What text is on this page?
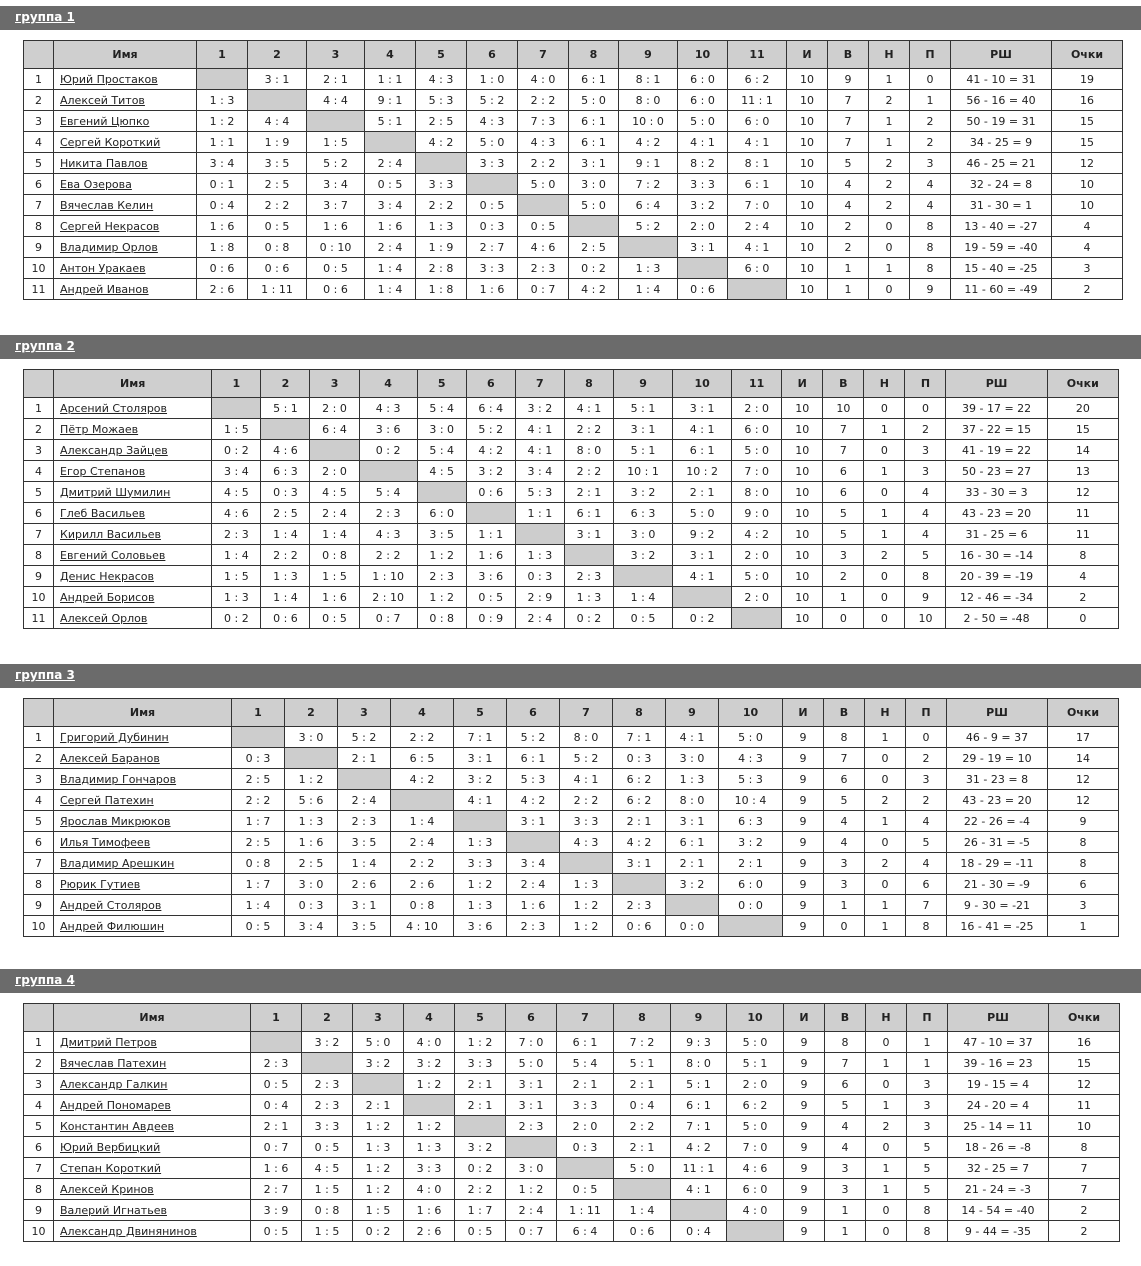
группа 1
	Имя	1	2	3	4	5	6	7	8	9	10	11	И	В	Н	П	РШ	Очки
1	Юрий Простаков		3 : 1	2 : 1	1 : 1	4 : 3	1 : 0	4 : 0	6 : 1	8 : 1	6 : 0	6 : 2	10	9	1	0	41 - 10 = 31	19
2	Алексей Титов	1 : 3		4 : 4	9 : 1	5 : 3	5 : 2	2 : 2	5 : 0	8 : 0	6 : 0	11 : 1	10	7	2	1	56 - 16 = 40	16
3	Евгений Цюпко	1 : 2	4 : 4		5 : 1	2 : 5	4 : 3	7 : 3	6 : 1	10 : 0	5 : 0	6 : 0	10	7	1	2	50 - 19 = 31	15
4	Сергей Короткий	1 : 1	1 : 9	1 : 5		4 : 2	5 : 0	4 : 3	6 : 1	4 : 2	4 : 1	4 : 1	10	7	1	2	34 - 25 = 9	15
5	Никита Павлов	3 : 4	3 : 5	5 : 2	2 : 4		3 : 3	2 : 2	3 : 1	9 : 1	8 : 2	8 : 1	10	5	2	3	46 - 25 = 21	12
6	Ева Озерова	0 : 1	2 : 5	3 : 4	0 : 5	3 : 3		5 : 0	3 : 0	7 : 2	3 : 3	6 : 1	10	4	2	4	32 - 24 = 8	10
7	Вячеслав Келин	0 : 4	2 : 2	3 : 7	3 : 4	2 : 2	0 : 5		5 : 0	6 : 4	3 : 2	7 : 0	10	4	2	4	31 - 30 = 1	10
8	Сергей Некрасов	1 : 6	0 : 5	1 : 6	1 : 6	1 : 3	0 : 3	0 : 5		5 : 2	2 : 0	2 : 4	10	2	0	8	13 - 40 = -27	4
9	Владимир Орлов	1 : 8	0 : 8	0 : 10	2 : 4	1 : 9	2 : 7	4 : 6	2 : 5		3 : 1	4 : 1	10	2	0	8	19 - 59 = -40	4
10	Антон Уракаев	0 : 6	0 : 6	0 : 5	1 : 4	2 : 8	3 : 3	2 : 3	0 : 2	1 : 3		6 : 0	10	1	1	8	15 - 40 = -25	3
11	Андрей Иванов	2 : 6	1 : 11	0 : 6	1 : 4	1 : 8	1 : 6	0 : 7	4 : 2	1 : 4	0 : 6		10	1	0	9	11 - 60 = -49	2
группа 2
	Имя	1	2	3	4	5	6	7	8	9	10	11	И	В	Н	П	РШ	Очки
1	Арсений Столяров		5 : 1	2 : 0	4 : 3	5 : 4	6 : 4	3 : 2	4 : 1	5 : 1	3 : 1	2 : 0	10	10	0	0	39 - 17 = 22	20
2	Пётр Можаев	1 : 5		6 : 4	3 : 6	3 : 0	5 : 2	4 : 1	2 : 2	3 : 1	4 : 1	6 : 0	10	7	1	2	37 - 22 = 15	15
3	Александр Зайцев	0 : 2	4 : 6		0 : 2	5 : 4	4 : 2	4 : 1	8 : 0	5 : 1	6 : 1	5 : 0	10	7	0	3	41 - 19 = 22	14
4	Егор Степанов	3 : 4	6 : 3	2 : 0		4 : 5	3 : 2	3 : 4	2 : 2	10 : 1	10 : 2	7 : 0	10	6	1	3	50 - 23 = 27	13
5	Дмитрий Шумилин	4 : 5	0 : 3	4 : 5	5 : 4		0 : 6	5 : 3	2 : 1	3 : 2	2 : 1	8 : 0	10	6	0	4	33 - 30 = 3	12
6	Глеб Васильев	4 : 6	2 : 5	2 : 4	2 : 3	6 : 0		1 : 1	6 : 1	6 : 3	5 : 0	9 : 0	10	5	1	4	43 - 23 = 20	11
7	Кирилл Васильев	2 : 3	1 : 4	1 : 4	4 : 3	3 : 5	1 : 1		3 : 1	3 : 0	9 : 2	4 : 2	10	5	1	4	31 - 25 = 6	11
8	Евгений Соловьев	1 : 4	2 : 2	0 : 8	2 : 2	1 : 2	1 : 6	1 : 3		3 : 2	3 : 1	2 : 0	10	3	2	5	16 - 30 = -14	8
9	Денис Некрасов	1 : 5	1 : 3	1 : 5	1 : 10	2 : 3	3 : 6	0 : 3	2 : 3		4 : 1	5 : 0	10	2	0	8	20 - 39 = -19	4
10	Андрей Борисов	1 : 3	1 : 4	1 : 6	2 : 10	1 : 2	0 : 5	2 : 9	1 : 3	1 : 4		2 : 0	10	1	0	9	12 - 46 = -34	2
11	Алексей Орлов	0 : 2	0 : 6	0 : 5	0 : 7	0 : 8	0 : 9	2 : 4	0 : 2	0 : 5	0 : 2		10	0	0	10	2 - 50 = -48	0
группа 3
	Имя	1	2	3	4	5	6	7	8	9	10	И	В	Н	П	РШ	Очки
1	Григорий Дубинин		3 : 0	5 : 2	2 : 2	7 : 1	5 : 2	8 : 0	7 : 1	4 : 1	5 : 0	9	8	1	0	46 - 9 = 37	17
2	Алексей Баранов	0 : 3		2 : 1	6 : 5	3 : 1	6 : 1	5 : 2	0 : 3	3 : 0	4 : 3	9	7	0	2	29 - 19 = 10	14
3	Владимир Гончаров	2 : 5	1 : 2		4 : 2	3 : 2	5 : 3	4 : 1	6 : 2	1 : 3	5 : 3	9	6	0	3	31 - 23 = 8	12
4	Сергей Патехин	2 : 2	5 : 6	2 : 4		4 : 1	4 : 2	2 : 2	6 : 2	8 : 0	10 : 4	9	5	2	2	43 - 23 = 20	12
5	Ярослав Микрюков	1 : 7	1 : 3	2 : 3	1 : 4		3 : 1	3 : 3	2 : 1	3 : 1	6 : 3	9	4	1	4	22 - 26 = -4	9
6	Илья Тимофеев	2 : 5	1 : 6	3 : 5	2 : 4	1 : 3		4 : 3	4 : 2	6 : 1	3 : 2	9	4	0	5	26 - 31 = -5	8
7	Владимир Арешкин	0 : 8	2 : 5	1 : 4	2 : 2	3 : 3	3 : 4		3 : 1	2 : 1	2 : 1	9	3	2	4	18 - 29 = -11	8
8	Рюрик Гутиев	1 : 7	3 : 0	2 : 6	2 : 6	1 : 2	2 : 4	1 : 3		3 : 2	6 : 0	9	3	0	6	21 - 30 = -9	6
9	Андрей Столяров	1 : 4	0 : 3	3 : 1	0 : 8	1 : 3	1 : 6	1 : 2	2 : 3		0 : 0	9	1	1	7	9 - 30 = -21	3
10	Андрей Филюшин	0 : 5	3 : 4	3 : 5	4 : 10	3 : 6	2 : 3	1 : 2	0 : 6	0 : 0		9	0	1	8	16 - 41 = -25	1
группа 4
	Имя	1	2	3	4	5	6	7	8	9	10	И	В	Н	П	РШ	Очки
1	Дмитрий Петров		3 : 2	5 : 0	4 : 0	1 : 2	7 : 0	6 : 1	7 : 2	9 : 3	5 : 0	9	8	0	1	47 - 10 = 37	16
2	Вячеслав Патехин	2 : 3		3 : 2	3 : 2	3 : 3	5 : 0	5 : 4	5 : 1	8 : 0	5 : 1	9	7	1	1	39 - 16 = 23	15
3	Александр Галкин	0 : 5	2 : 3		1 : 2	2 : 1	3 : 1	2 : 1	2 : 1	5 : 1	2 : 0	9	6	0	3	19 - 15 = 4	12
4	Андрей Пономарев	0 : 4	2 : 3	2 : 1		2 : 1	3 : 1	3 : 3	0 : 4	6 : 1	6 : 2	9	5	1	3	24 - 20 = 4	11
5	Константин Авдеев	2 : 1	3 : 3	1 : 2	1 : 2		2 : 3	2 : 0	2 : 2	7 : 1	5 : 0	9	4	2	3	25 - 14 = 11	10
6	Юрий Вербицкий	0 : 7	0 : 5	1 : 3	1 : 3	3 : 2		0 : 3	2 : 1	4 : 2	7 : 0	9	4	0	5	18 - 26 = -8	8
7	Степан Короткий	1 : 6	4 : 5	1 : 2	3 : 3	0 : 2	3 : 0		5 : 0	11 : 1	4 : 6	9	3	1	5	32 - 25 = 7	7
8	Алексей Кринов	2 : 7	1 : 5	1 : 2	4 : 0	2 : 2	1 : 2	0 : 5		4 : 1	6 : 0	9	3	1	5	21 - 24 = -3	7
9	Валерий Игнатьев	3 : 9	0 : 8	1 : 5	1 : 6	1 : 7	2 : 4	1 : 11	1 : 4		4 : 0	9	1	0	8	14 - 54 = -40	2
10	Александр Двинянинов	0 : 5	1 : 5	0 : 2	2 : 6	0 : 5	0 : 7	6 : 4	0 : 6	0 : 4		9	1	0	8	9 - 44 = -35	2
